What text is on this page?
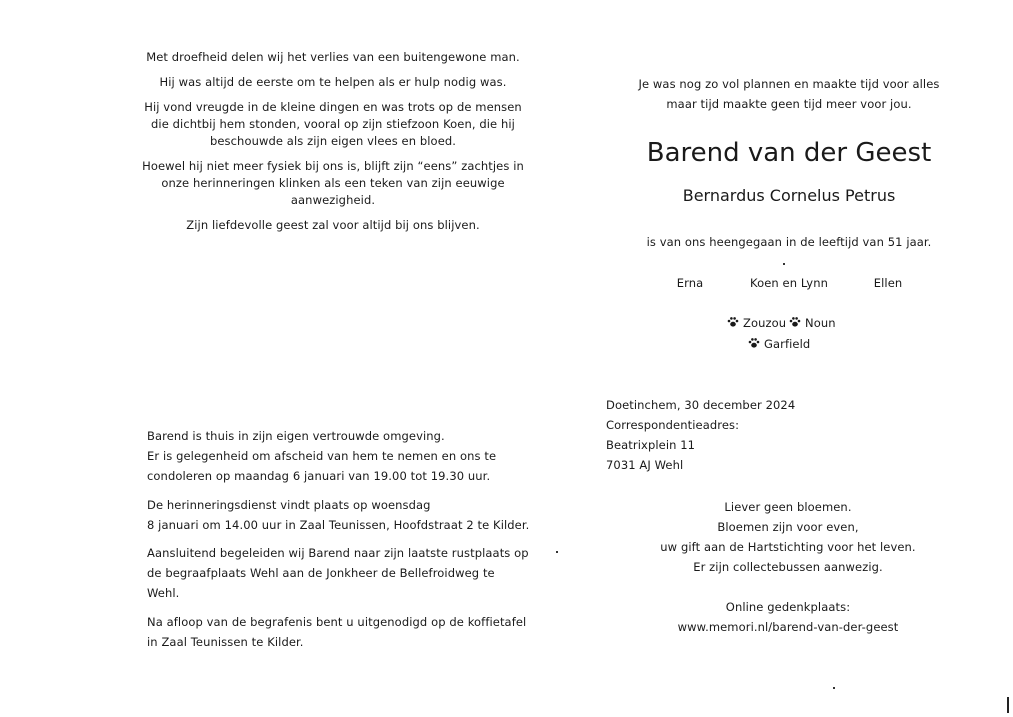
Met droefheid delen wij het verlies van een buitengewone man.
Hij was altijd de eerste om te helpen als er hulp nodig was.
Hij vond vreugde in de kleine dingen en was trots op de mensen
die dichtbij hem stonden, vooral op zijn stiefzoon Koen, die hij
beschouwde als zijn eigen vlees en bloed.
Hoewel hij niet meer fysiek bij ons is, blijft zijn “eens” zachtjes in
onze herinneringen klinken als een teken van zijn eeuwige
aanwezigheid.
Zijn liefdevolle geest zal voor altijd bij ons blijven.
Barend is thuis in zijn eigen vertrouwde omgeving.
Er is gelegenheid om afscheid van hem te nemen en ons te
condoleren op maandag 6 januari van 19.00 tot 19.30 uur.
De herinneringsdienst vindt plaats op woensdag
8 januari om 14.00 uur in Zaal Teunissen, Hoofdstraat 2 te Kilder.
Aansluitend begeleiden wij Barend naar zijn laatste rustplaats op
de begraafplaats Wehl aan de Jonkheer de Bellefroidweg te
Wehl.
Na afloop van de begrafenis bent u uitgenodigd op de koffietafel
in Zaal Teunissen te Kilder.
Je was nog zo vol plannen en maakte tijd voor alles
maar tijd maakte geen tijd meer voor jou.
Barend van der Geest
Bernardus Cornelus Petrus
is van ons heengegaan in de leeftijd van 51 jaar.
Erna	Koen en Lynn	Ellen
Zouzou	Noun
Garfield
Doetinchem, 30 december 2024
Correspondentieadres:
Beatrixplein 11
7031 AJ Wehl
Liever geen bloemen.
Bloemen zijn voor even,
uw gift aan de Hartstichting voor het leven.
Er zijn collectebussen aanwezig.
Online gedenkplaats:
www.memori.nl/barend-van-der-geest
